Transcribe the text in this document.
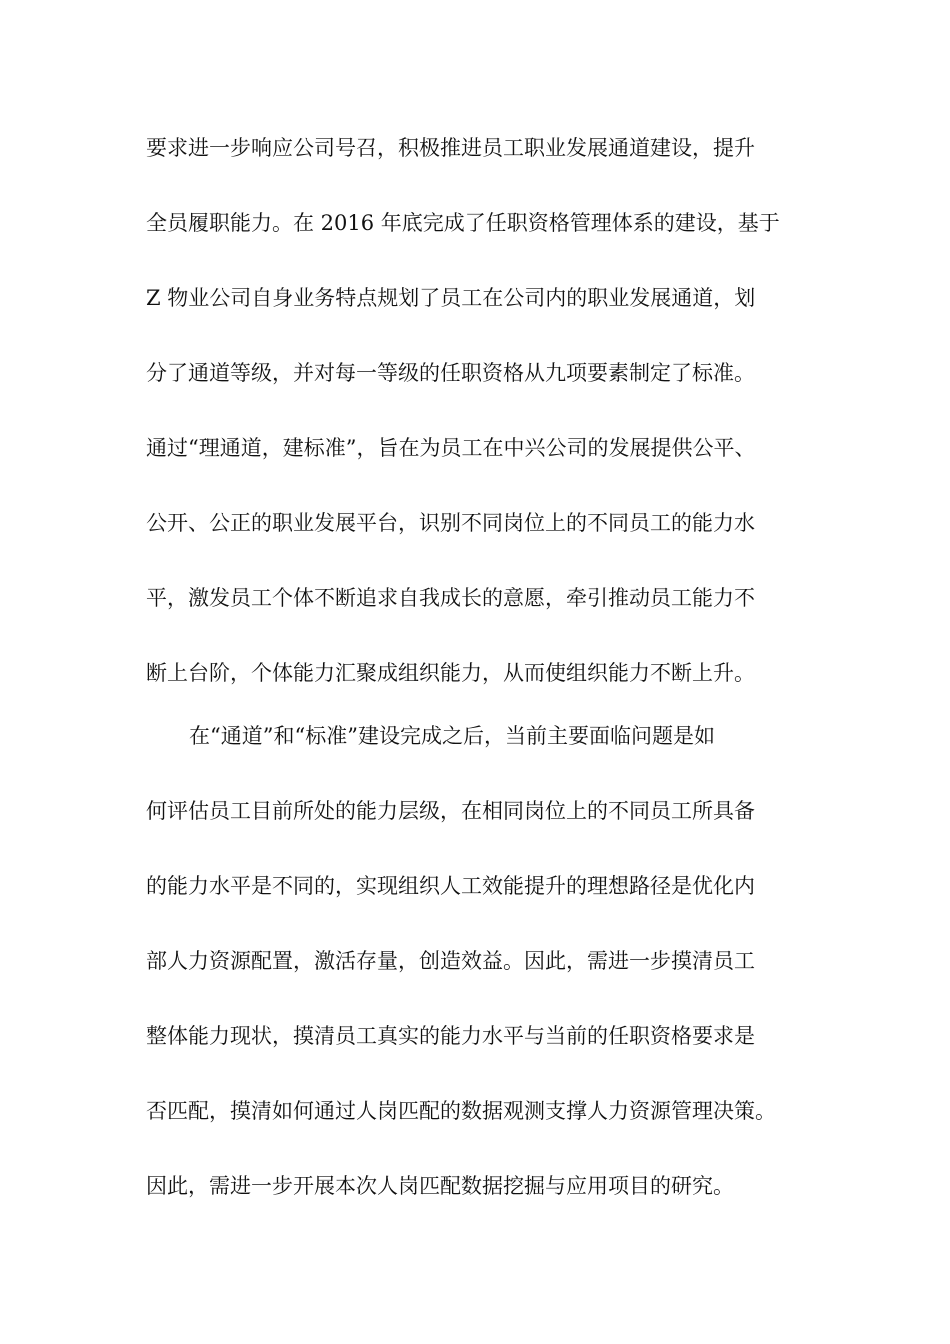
要求进一步响应公司号召，积极推进员工职业发展通道建设，提升
全员履职能力。在 2016 年底完成了任职资格管理体系的建设，基于
Z 物业公司自身业务特点规划了员工在公司内的职业发展通道，划
分了通道等级，并对每一等级的任职资格从九项要素制定了标准。
通过“理通道，建标准”，旨在为员工在中兴公司的发展提供公平、
公开、公正的职业发展平台，识别不同岗位上的不同员工的能力水
平，激发员工个体不断追求自我成长的意愿，牵引推动员工能力不
断上台阶，个体能力汇聚成组织能力，从而使组织能力不断上升。
在“通道”和“标准”建设完成之后，当前主要面临问题是如
何评估员工目前所处的能力层级，在相同岗位上的不同员工所具备
的能力水平是不同的，实现组织人工效能提升的理想路径是优化内
部人力资源配置，激活存量，创造效益。因此，需进一步摸清员工
整体能力现状，摸清员工真实的能力水平与当前的任职资格要求是
否匹配，摸清如何通过人岗匹配的数据观测支撑人力资源管理决策。
因此，需进一步开展本次人岗匹配数据挖掘与应用项目的研究。
